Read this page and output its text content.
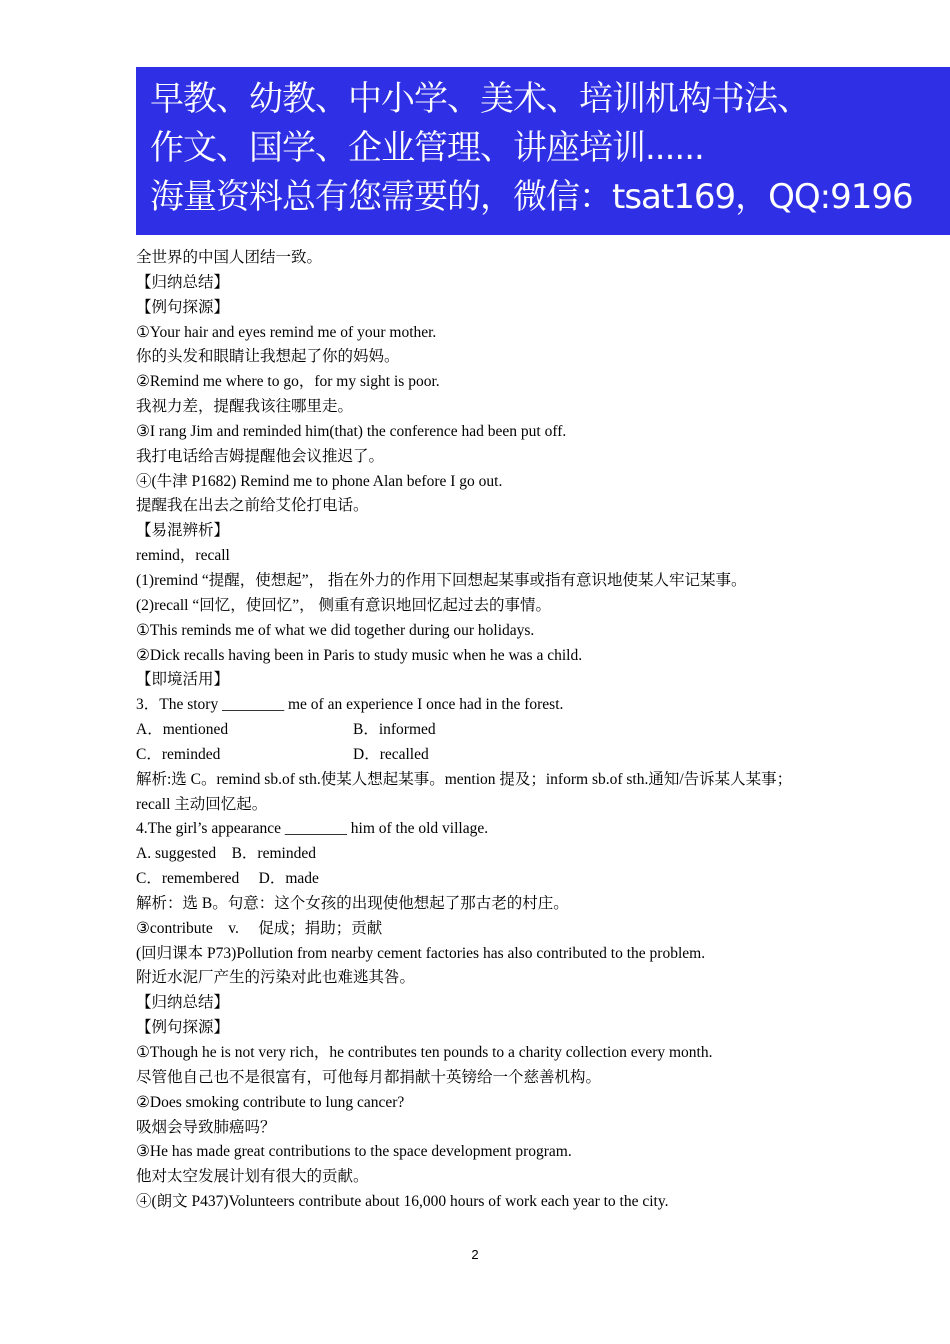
早教、幼教、中小学、美术、培训机构书法、
作文、国学、企业管理、讲座培训......
海量资料总有您需要的，微信：tsat169，QQ:9196
全世界的中国人团结一致。
【归纳总结】
【例句探源】
①Your hair and eyes remind me of your mother.
你的头发和眼睛让我想起了你的妈妈。
②Remind me where to go，for my sight is poor.
我视力差，提醒我该往哪里走。
③I rang Jim and reminded him(that) the conference had been put off.
我打电话给吉姆提醒他会议推迟了。
④(牛津 P1682) Remind me to phone Alan before I go out.
提醒我在出去之前给艾伦打电话。
【易混辨析】
remind，recall
(1)remind “提醒，使想起”， 指在外力的作用下回想起某事或指有意识地使某人牢记某事。
(2)recall “回忆，使回忆”， 侧重有意识地回忆起过去的事情。
①This reminds me of what we did together during our holidays.
②Dick recalls having been in Paris to study music when he was a child.
【即境活用】
3．The story ________ me of an experience I once had in the forest.
A．mentioned	B．informed
C．reminded	D．recalled
解析:选 C。remind sb.of sth.使某人想起某事。mention 提及；inform sb.of sth.通知/告诉某人某事；
recall 主动回忆起。
4.The girl’s appearance ________ him of the old village.
A. suggested　B．reminded
C．remembered　 D．made
解析：选 B。句意：这个女孩的出现使他想起了那古老的村庄。
③contribute　v.　 促成；捐助；贡献
(回归课本 P73)Pollution from nearby cement factories has also contributed to the problem.
附近水泥厂产生的污染对此也难逃其咎。
【归纳总结】
【例句探源】
①Though he is not very rich，he contributes ten pounds to a charity collection every month.
尽管他自己也不是很富有，可他每月都捐献十英镑给一个慈善机构。
②Does smoking contribute to lung cancer?
吸烟会导致肺癌吗？
③He has made great contributions to the space development program.
他对太空发展计划有很大的贡献。
④(朗文 P437)Volunteers contribute about 16,000 hours of work each year to the city.
2
